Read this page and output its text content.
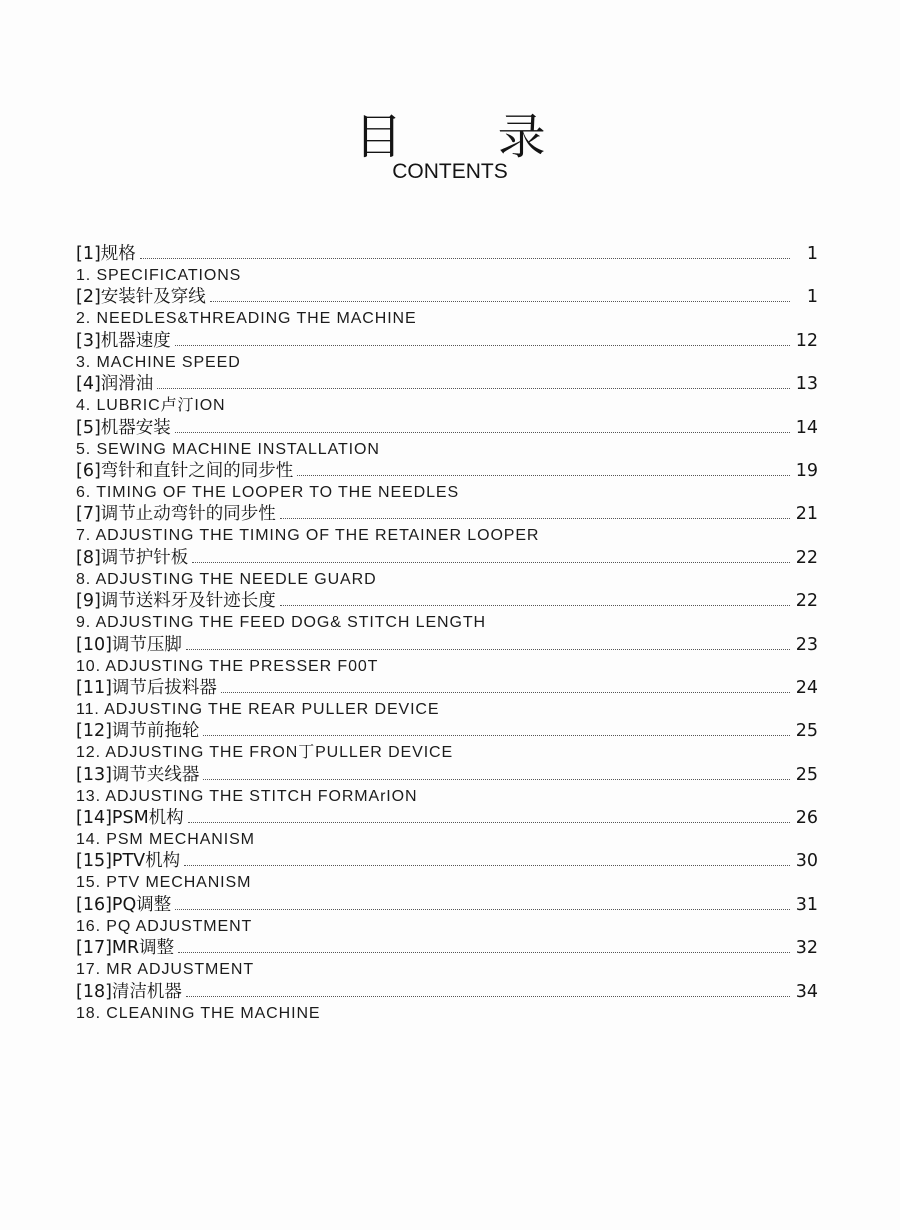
目 录
CONTENTS
[1]规格	1
1. SPECIFICATIONS
[2]安装针及穿线	1
2. NEEDLES&THREADING THE MACHINE
[3]机器速度	12
3. MACHINE SPEED
[4]润滑油	13
4. LUBRIC卢汀ION
[5]机器安装	14
5. SEWING MACHINE INSTALLATION
[6]弯针和直针之间的同步性	19
6. TIMING OF THE LOOPER TO THE NEEDLES
[7]调节止动弯针的同步性	21
7. ADJUSTING THE TIMING OF THE RETAINER LOOPER
[8]调节护针板	22
8. ADJUSTING THE NEEDLE GUARD
[9]调节送料牙及针迹长度	22
9. ADJUSTING THE FEED DOG& STITCH LENGTH
[10]调节压脚	23
10. ADJUSTING THE PRESSER F00T
[11]调节后拔料器	24
11. ADJUSTING THE REAR PULLER DEVICE
[12]调节前拖轮	25
12. ADJUSTING THE FRON丁PULLER DEVICE
[13]调节夹线器	25
13. ADJUSTING THE STITCH FORMArION
[14]PSM机构	26
14. PSM MECHANISM
[15]PTV机构	30
15. PTV MECHANISM
[16]PQ调整	31
16. PQ ADJUSTMENT
[17]MR调整	32
17. MR ADJUSTMENT
[18]清洁机器	34
18. CLEANING THE MACHINE
